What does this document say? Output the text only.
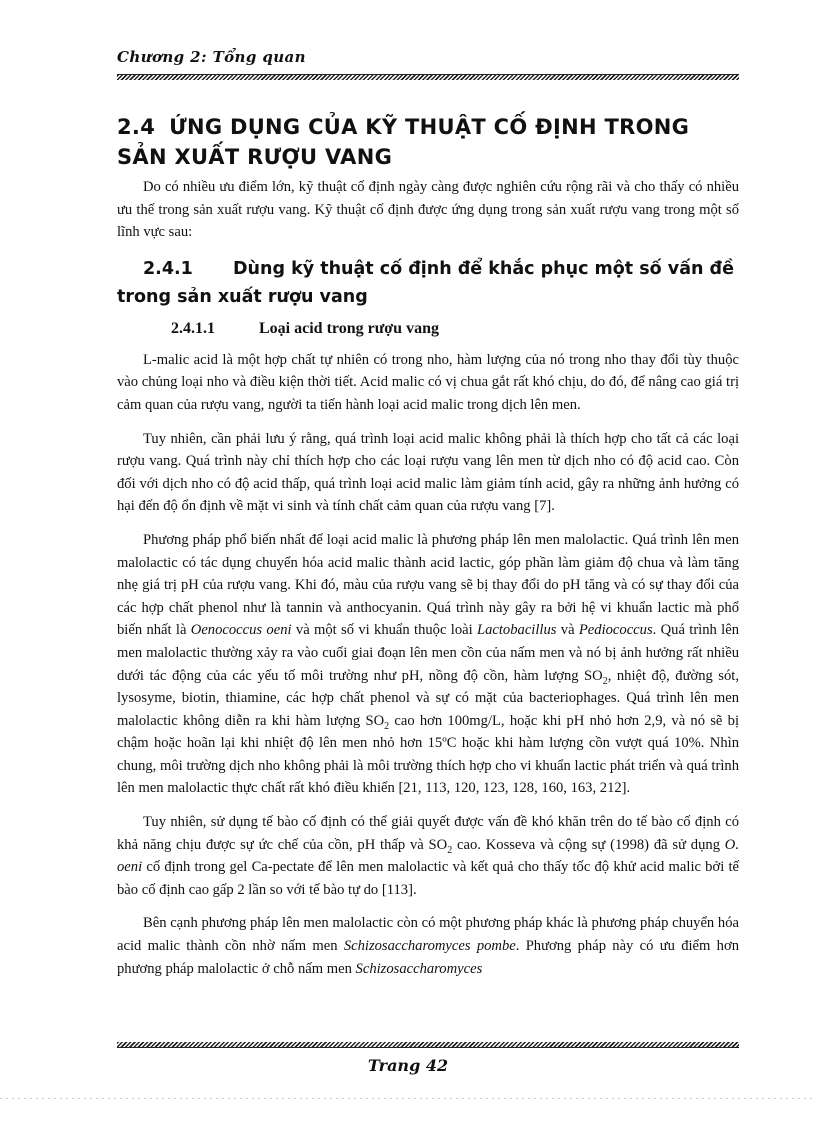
Chương 2: Tổng quan
2.4 ỨNG DỤNG CỦA KỸ THUẬT CỐ ĐỊNH TRONG SẢN XUẤT RƯỢU VANG

Do có nhiều ưu điểm lớn, kỹ thuật cố định ngày càng được nghiên cứu rộng rãi và cho thấy có nhiều ưu thế trong sản xuất rượu vang. Kỹ thuật cố định được ứng dụng trong sản xuất rượu vang trong một số lĩnh vực sau:

2.4.1 Dùng kỹ thuật cố định để khắc phục một số vấn đề trong sản xuất rượu vang
2.4.1.1	Loại acid trong rượu vang

L-malic acid là một hợp chất tự nhiên có trong nho, hàm lượng của nó trong nho thay đổi tùy thuộc vào chủng loại nho và điều kiện thời tiết. Acid malic có vị chua gắt rất khó chịu, do đó, để nâng cao giá trị cảm quan của rượu vang, người ta tiến hành loại acid malic trong dịch lên men.

Tuy nhiên, cần phải lưu ý rằng, quá trình loại acid malic không phải là thích hợp cho tất cả các loại rượu vang. Quá trình này chỉ thích hợp cho các loại rượu vang lên men từ dịch nho có độ acid cao. Còn đối với dịch nho có độ acid thấp, quá trình loại acid malic làm giảm tính acid, gây ra những ảnh hưởng có hại đến độ ổn định về mặt vi sinh và tính chất cảm quan của rượu vang [7].

Phương pháp phổ biến nhất để loại acid malic là phương pháp lên men malolactic. Quá trình lên men malolactic có tác dụng chuyển hóa acid malic thành acid lactic, góp phần làm giảm độ chua và làm tăng nhẹ giá trị pH của rượu vang. Khi đó, màu của rượu vang sẽ bị thay đổi do pH tăng và có sự thay đổi của các hợp chất phenol như là tannin và anthocyanin. Quá trình này gây ra bởi hệ vi khuẩn lactic mà phổ biến nhất là Oenococcus oeni và một số vi khuẩn thuộc loài Lactobacillus và Pediococcus. Quá trình lên men malolactic thường xảy ra vào cuối giai đoạn lên men cồn của nấm men và nó bị ảnh hưởng rất nhiều dưới tác động của các yếu tố môi trường như pH, nồng độ cồn, hàm lượng $SO_2$, nhiệt độ, đường sót, lysosyme, biotin, thiamine, các hợp chất phenol và sự có mặt của bacteriophages. Quá trình lên men malolactic không diễn ra khi hàm lượng $SO_2$ cao hơn 100mg/L, hoặc khi pH nhỏ hơn 2,9, và nó sẽ bị chậm hoặc hoãn lại khi nhiệt độ lên men nhỏ hơn 15ºC hoặc khi hàm lượng cồn vượt quá 10%. Nhìn chung, môi trường dịch nho không phải là môi trường thích hợp cho vi khuẩn lactic phát triển và quá trình lên men malolactic thực chất rất khó điều khiển [21, 113, 120, 123, 128, 160, 163, 212].

Tuy nhiên, sử dụng tế bào cố định có thể giải quyết được vấn đề khó khăn trên do tế bào cố định có khả năng chịu được sự ức chế của cồn, pH thấp và $SO_2$ cao. Kosseva và cộng sự (1998) đã sử dụng O. oeni cố định trong gel Ca-pectate để lên men malolactic và kết quả cho thấy tốc độ khử acid malic bởi tế bào cố định cao gấp 2 lần so với tế bào tự do [113].

Bên cạnh phương pháp lên men malolactic còn có một phương pháp khác là phương pháp chuyển hóa acid malic thành cồn nhờ nấm men Schizosaccharomyces pombe. Phương pháp này có ưu điểm hơn phương pháp malolactic ở chỗ nấm men Schizosaccharomyces

Trang 42
